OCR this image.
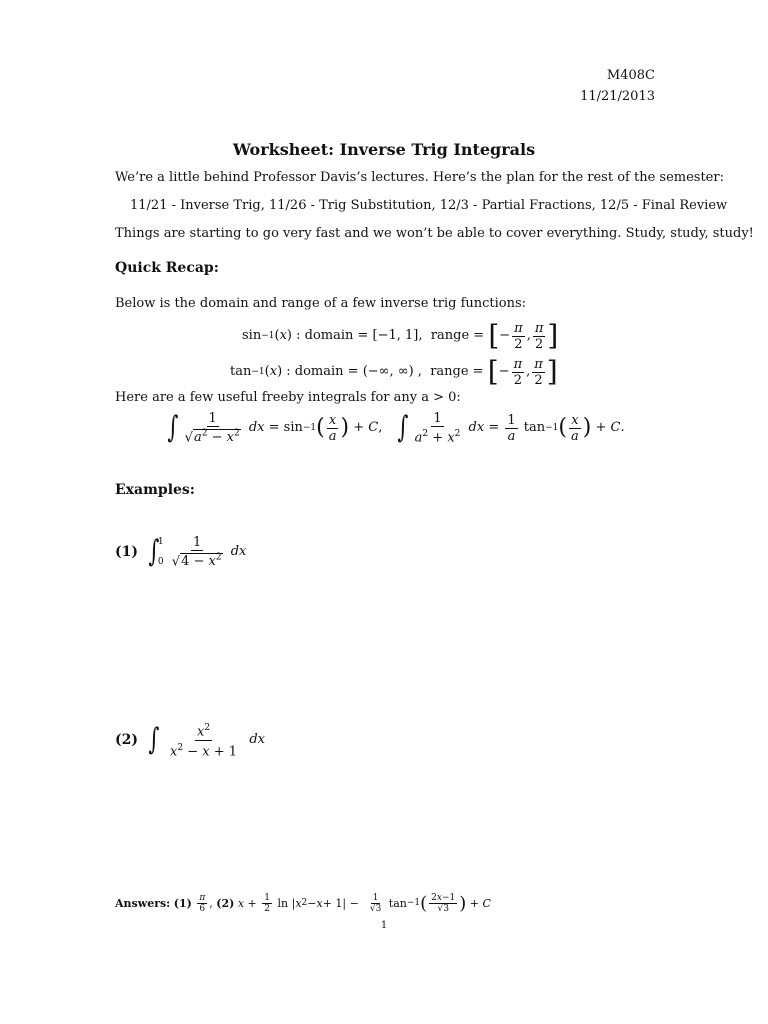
M408C
11/21/2013
Worksheet: Inverse Trig Integrals
We’re a little behind Professor Davis’s lectures. Here’s the plan for the rest of the semester:
11/21 - Inverse Trig, 11/26 - Trig Substitution, 12/3 - Partial Fractions, 12/5 - Final Review
Things are starting to go very fast and we won’t be able to cover everything. Study, study, study!
Quick Recap:
Below is the domain and range of a few inverse trig functions:
sin −1 ( x ) : domain = [−1, 1],
range =
[ − $\frac{\pi}{2}$ , $\frac{\pi}{2}$ ]
tan −1 ( x ) : domain = (−∞, ∞) ,
range =
[ − $\frac{\pi}{2}$ , $\frac{\pi}{2}$ ]
Here are a few useful freeby integrals for any a > 0:
∫ $\frac{1}{√a^2 - x^2}$
dx = sin −1 ( $\frac{x}{a}$ ) + C , ∫ $\frac{1}{a^2 + x^2}$
dx = $\frac{1}{a}$ tan −1 ( $\frac{x}{a}$ ) + C .
Examples:
(1)
∫
1
0
$\frac{1}{√4 - x^2}$
dx
(2)
∫
$\frac{x^2}{x^2 - x + 1}$
dx
Answers:
(1)
$\frac{\pi}{6}$ , (2)
$x + \frac{1}{2}$ ln | x $2 - x + 1| - \frac{1}{√3}$ tan −1 ( $\frac{2x-1}{√3}$ ) + C
1
